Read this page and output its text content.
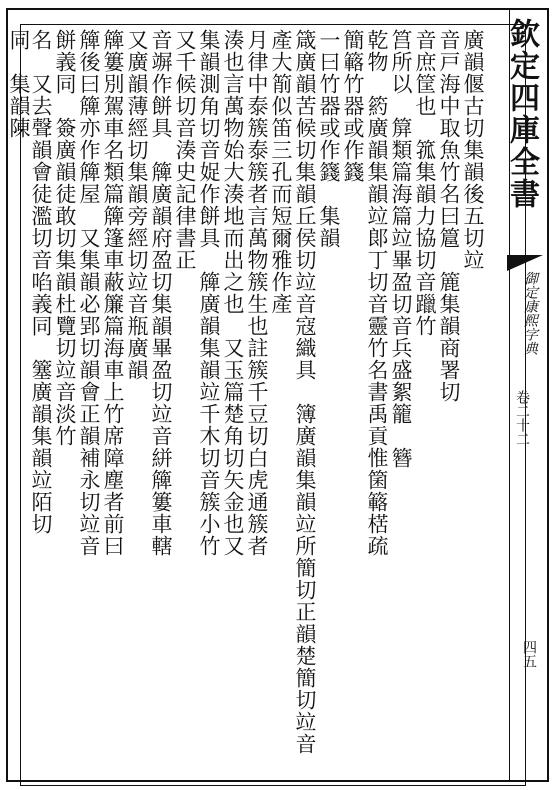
廣韻偃古切集韻後五切竝
音戸海中取魚竹名曰簄　簏集韻商署切
音庶筐也　箛集韻力協切音躐竹
筥所以　箳類篇海篇竝畢盈切音兵盛絮籠　簪
乾物　箹廣韻集韻竝郞丁切音靈竹名書禹貢惟箘簵楛疏
簡簵竹器或作籛
一曰竹器或作籛　集韻
箴廣韻苦候切集韻丘侯切竝音寇織具　簿廣韻集韻竝所簡切正韻楚簡切竝音
產大箾似笛三孔而短爾雅作產
月律中泰簇泰簇者言萬物簇生也註簇千豆切白虎通簇者
湊也言萬物始大湊地而出之也　又玉篇楚角切矢金也又
集韻測角切音娖作餅具　簰廣韻集韻竝千木切音簇小竹
又千候切音湊史記律書正
音竮作餅具　簰廣韻府盈切集韻畢盈切竝音絣簰簍車轄
又廣韻薄經切集韻旁經切竝音瓶廣韻
簰簍別駕車名類篇簰篷車蔽簾篇海車上竹席障塵者前曰
簰後曰簰亦作簰屋　又集韻必郢切韻會正韻補永切竝音
餅義同　簽廣韻徒敢切集韻杜覽切竝音淡竹
名　又去聲韻會徒濫切音啗義同　簺廣韻集韻竝陌切
同　集韻陳	欽定四庫全書
御定康熙字典
卷二十二
四五
